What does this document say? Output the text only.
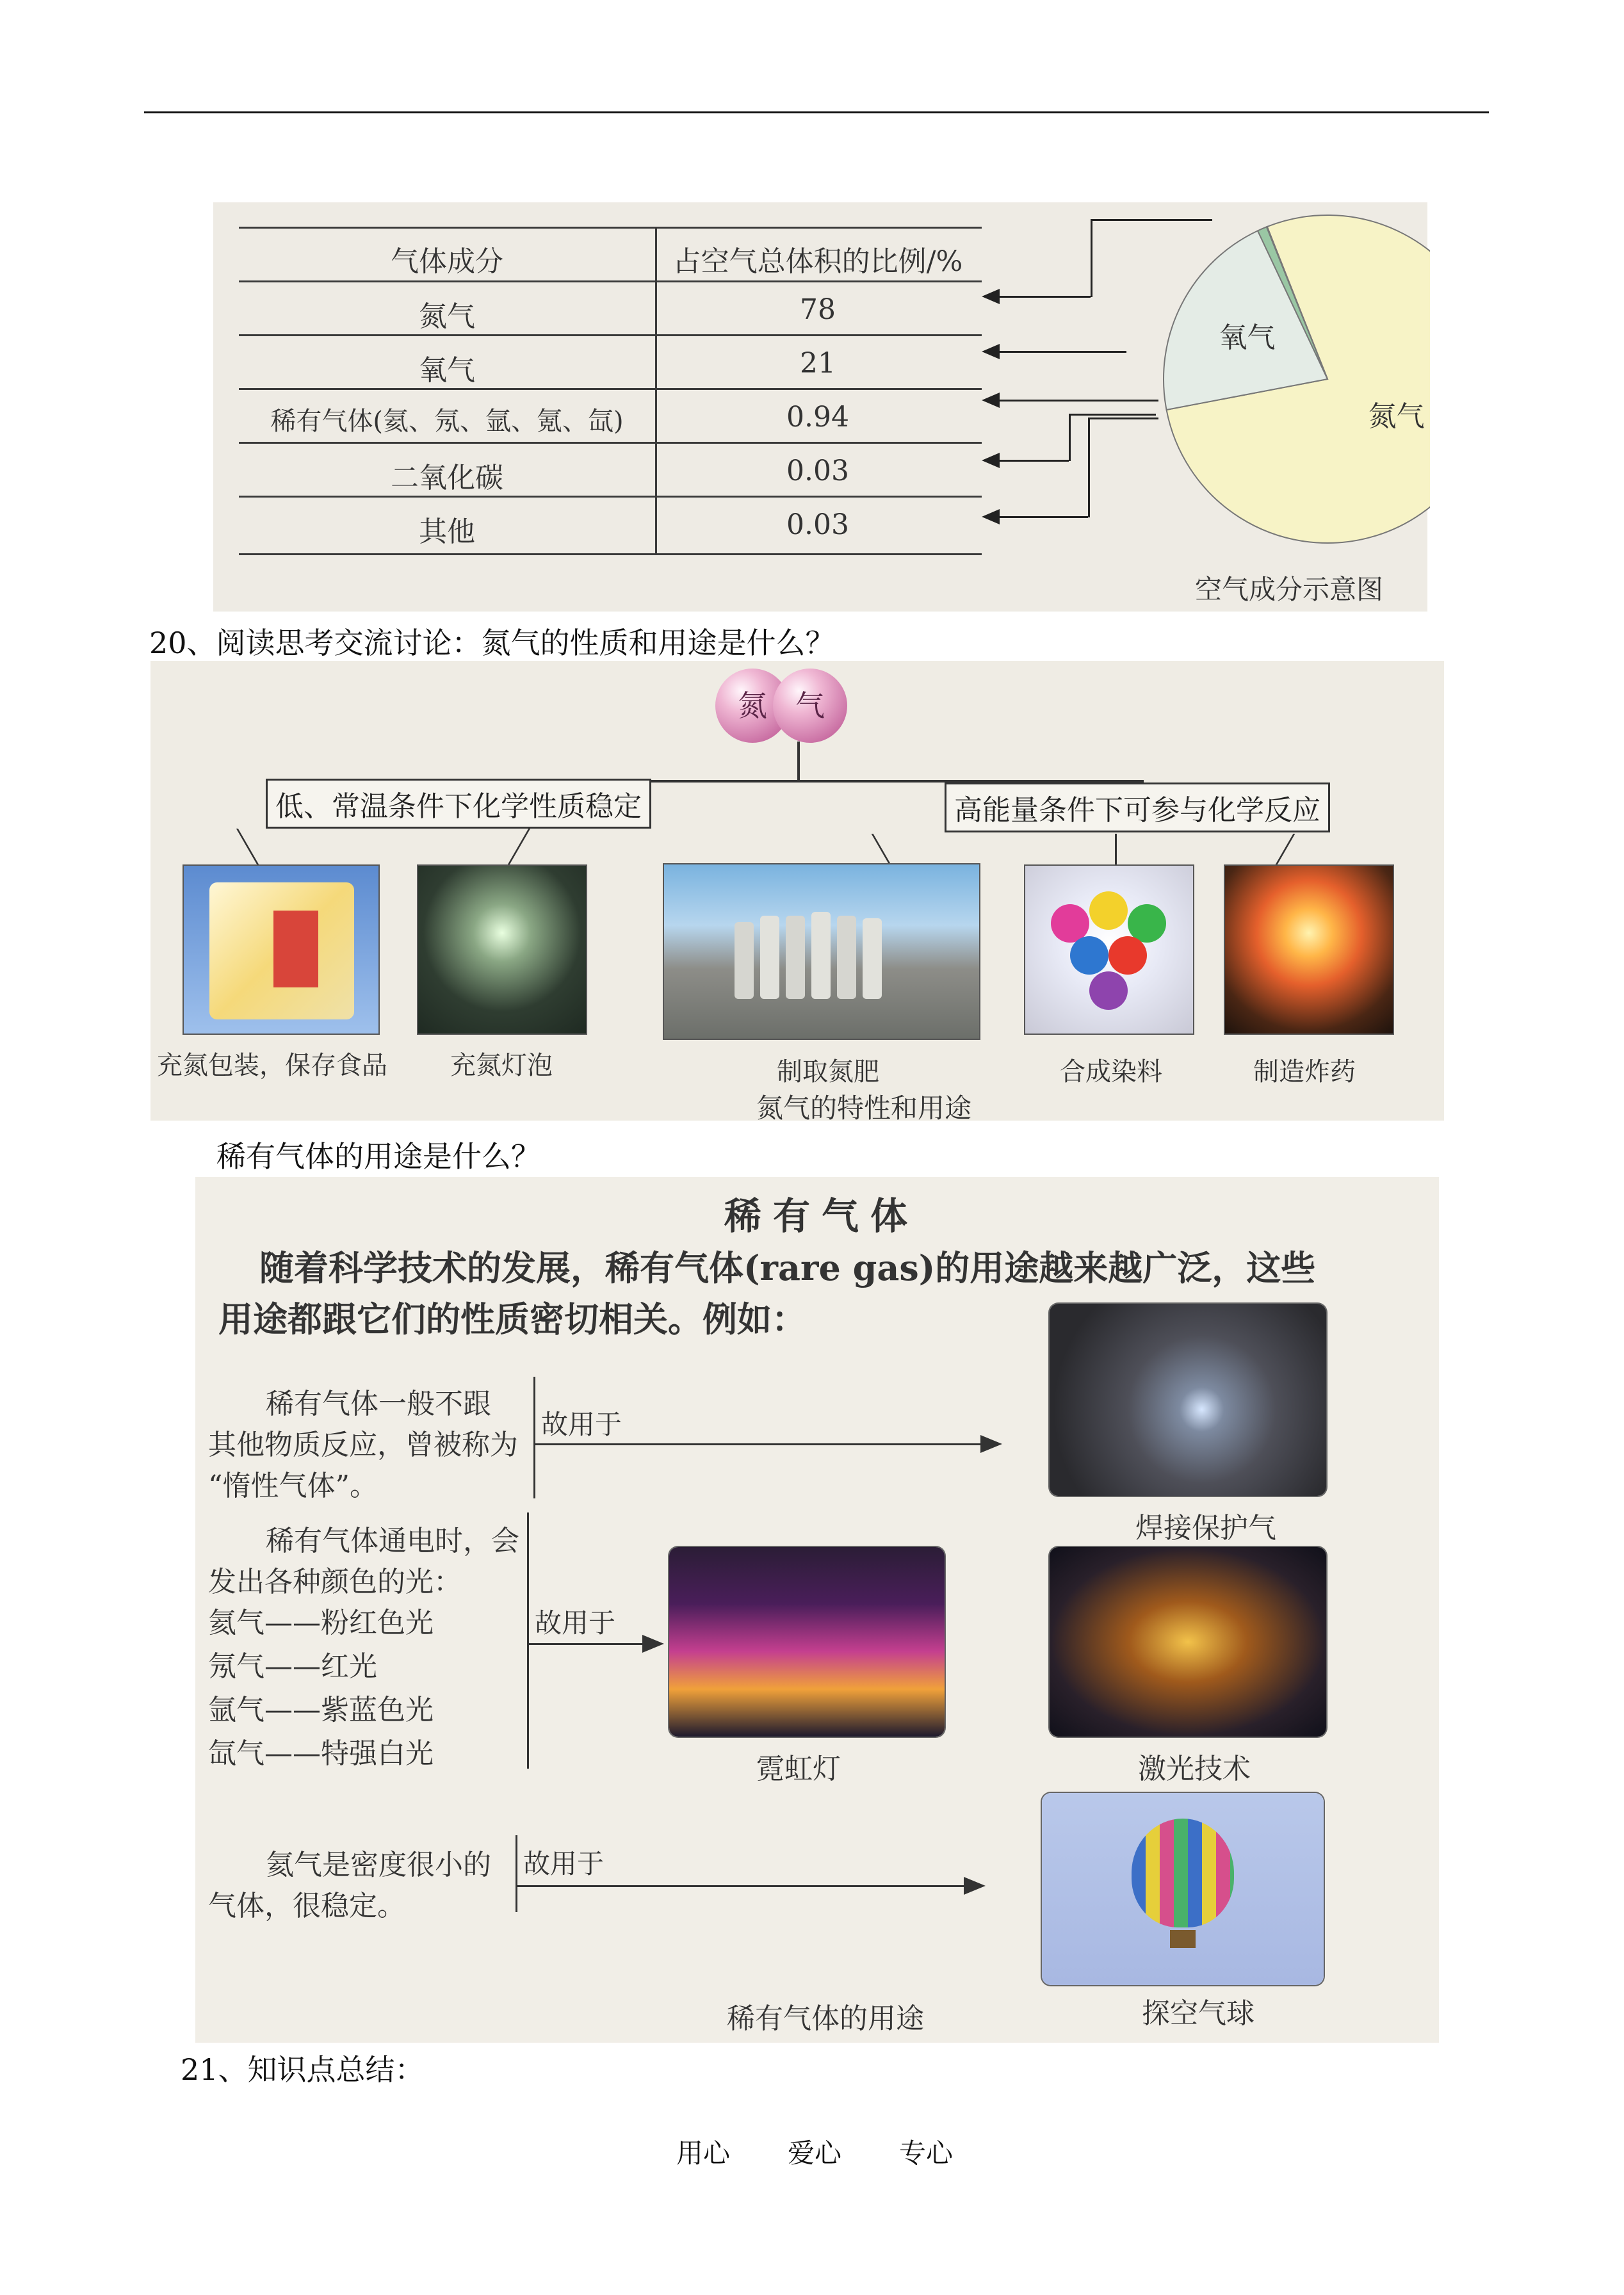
气体成分	占空气总体积的比例/%
氮气	78
氧气	21
稀有气体(氦、氖、氩、氪、氙)	0.94
二氧化碳	0.03
其他	0.03
氮气
氧气
空气成分示意图
20、阅读思考交流讨论：氮气的性质和用途是什么？
氮 气
低、常温条件下化学性质稳定	高能量条件下可参与化学反应
充氮包装，保存食品 充氮灯泡	制取氮肥	合成染料	制造炸药
氮气的特性和用途
稀有气体的用途是什么？
稀有气体
随着科学技术的发展，稀有气体(rare gas)的用途越来越广泛，这些
用途都跟它们的性质密切相关。例如：
稀有气体一般不跟
其他物质反应，曾被称为
“惰性气体”。
故用于
稀有气体通电时，会
发出各种颜色的光：
氦气——粉红色光
氖气——红光
氩气——紫蓝色光
氙气——特强白光
故用于
氦气是密度很小的
气体，很稳定。
故用于
焊接保护气
霓虹灯	激光技术
探空气球
稀有气体的用途
21、知识点总结：
用心 爱心 专心
